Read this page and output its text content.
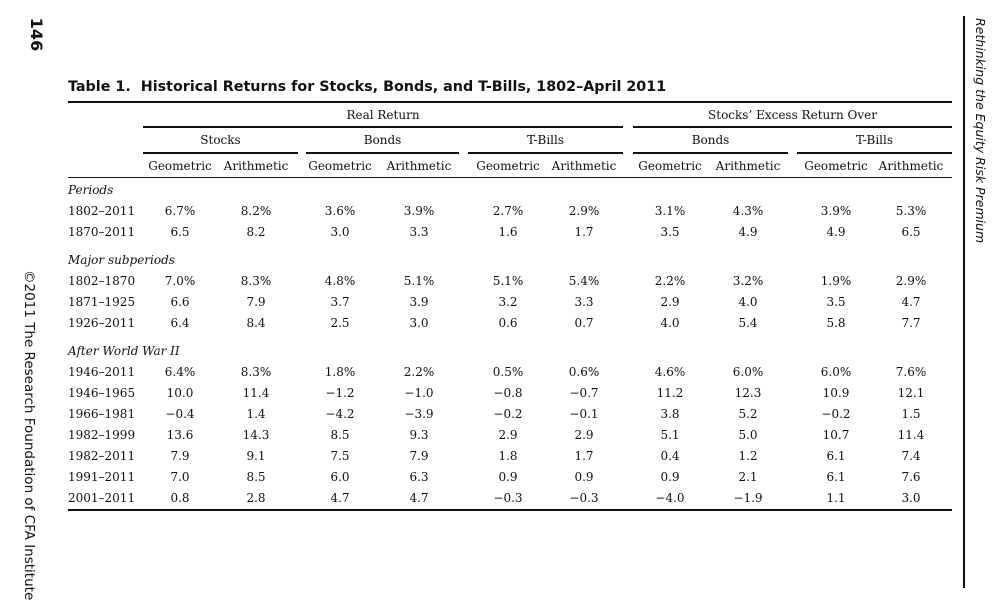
146
©2011 The Research Foundation of CFA Institute
Rethinking the Equity Risk Premium
Table 1. Historical Returns for Stocks, Bonds, and T-Bills, 1802–April 2011
Real Return	Stocks’ Excess Return Over
Stocks	Bonds	T-Bills	Bonds	T-Bills
Geometric Arithmetic Geometric Arithmetic Geometric Arithmetic Geometric Arithmetic Geometric Arithmetic
Periods
1802–2011 6.7%	8.2%	3.6%	3.9%	2.7%	2.9%	3.1%	4.3%	3.9%	5.3%
1870–2011	6.5	8.2	3.0	3.3	1.6	1.7	3.5	4.9	4.9	6.5
Major subperiods
1802–1870 7.0%	8.3%	4.8%	5.1%	5.1%	5.4%	2.2%	3.2%	1.9%	2.9%
1871–1925	6.6	7.9	3.7	3.9	3.2	3.3	2.9	4.0	3.5	4.7
1926–2011	6.4	8.4	2.5	3.0	0.6	0.7	4.0	5.4	5.8	7.7
After World War II
1946–2011 6.4%	8.3%	1.8%	2.2%	0.5%	0.6%	4.6%	6.0%	6.0%	7.6%
1946–1965	10.0	11.4	−1.2	−1.0	−0.8	−0.7	11.2	12.3	10.9	12.1
1966–1981	−0.4	1.4	−4.2	−3.9	−0.2	−0.1	3.8	5.2	−0.2	1.5
1982–1999	13.6	14.3	8.5	9.3	2.9	2.9	5.1	5.0	10.7	11.4
1982–2011	7.9	9.1	7.5	7.9	1.8	1.7	0.4	1.2	6.1	7.4
1991–2011	7.0	8.5	6.0	6.3	0.9	0.9	0.9	2.1	6.1	7.6
2001–2011	0.8	2.8	4.7	4.7	−0.3	−0.3	−4.0	−1.9	1.1	3.0
